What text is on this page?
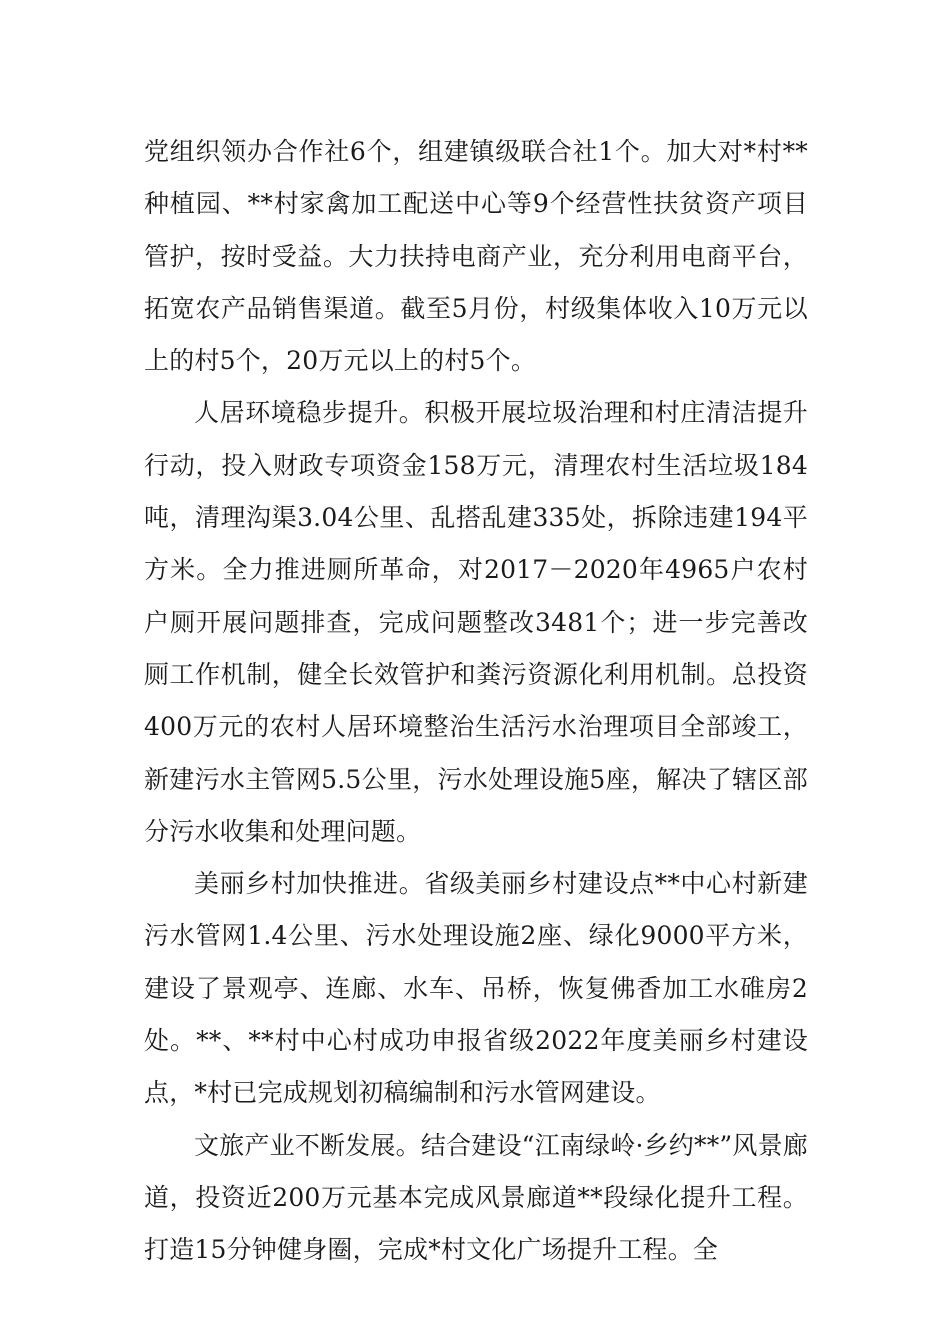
党组织领办合作社6个，组建镇级联合社1个。加大对*村**种植园、**村家禽加工配送中心等9个经营性扶贫资产项目管护，按时受益。大力扶持电商产业，充分利用电商平台，拓宽农产品销售渠道。截至5月份，村级集体收入10万元以上的村5个，20万元以上的村5个。

人居环境稳步提升。积极开展垃圾治理和村庄清洁提升行动，投入财政专项资金158万元，清理农村生活垃圾184吨，清理沟渠3.04公里、乱搭乱建335处，拆除违建194平方米。全力推进厕所革命，对2017－2020年4965户农村户厕开展问题排查，完成问题整改3481个；进一步完善改厕工作机制，健全长效管护和粪污资源化利用机制。总投资400万元的农村人居环境整治生活污水治理项目全部竣工，新建污水主管网5.5公里，污水处理设施5座，解决了辖区部分污水收集和处理问题。

美丽乡村加快推进。省级美丽乡村建设点**中心村新建污水管网1.4公里、污水处理设施2座、绿化9000平方米，建设了景观亭、连廊、水车、吊桥，恢复佛香加工水碓房2处。**、**村中心村成功申报省级2022年度美丽乡村建设点，*村已完成规划初稿编制和污水管网建设。

文旅产业不断发展。结合建设“江南绿岭·乡约**”风景廊道，投资近200万元基本完成风景廊道**段绿化提升工程。打造15分钟健身圈，完成*村文化广场提升工程。全
